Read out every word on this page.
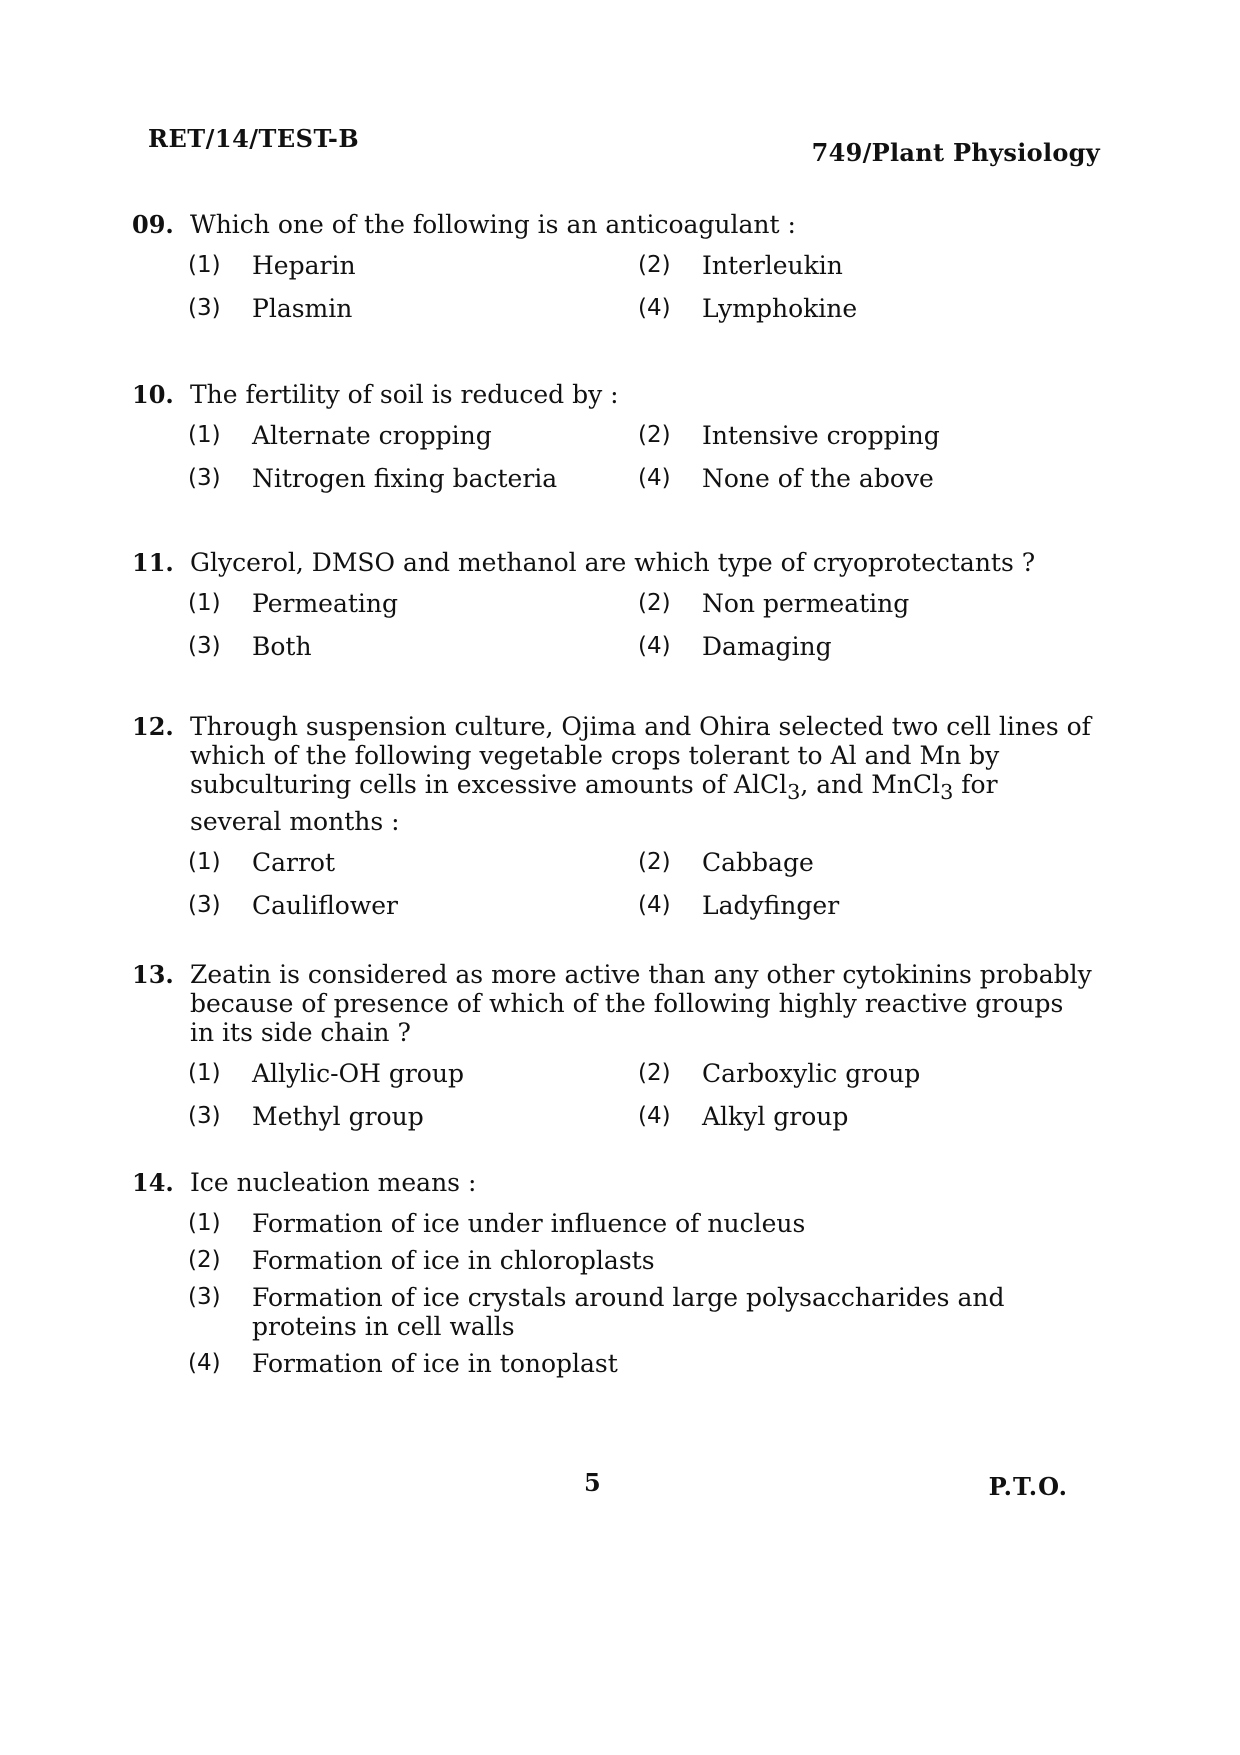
RET/14/TEST-B	749/Plant Physiology
09. Which one of the following is an anticoagulant :
(1)	Heparin	(2)	Interleukin
(3)	Plasmin	(4)	Lymphokine
10. The fertility of soil is reduced by :
(1)	Alternate cropping	(2)	Intensive cropping
(3)	Nitrogen fixing bacteria	(4)	None of the above
11. Glycerol, DMSO and methanol are which type of cryoprotectants ?
(1)	Permeating	(2)	Non permeating
(3)	Both	(4)	Damaging
12. Through suspension culture, Ojima and Ohira selected two cell lines of which of the following vegetable crops tolerant to Al and Mn by subculturing cells in excessive amounts of AlCl$_3$, and MnCl$_3$ for several months :
(1)	Carrot	(2)	Cabbage
(3)	Cauliflower	(4)	Ladyfinger
13. Zeatin is considered as more active than any other cytokinins probably because of presence of which of the following highly reactive groups in its side chain ?
(1)	Allylic-OH group	(2)	Carboxylic group
(3)	Methyl group	(4)	Alkyl group
14. Ice nucleation means :
(1)	Formation of ice under influence of nucleus
(2)	Formation of ice in chloroplasts
(3)	Formation of ice crystals around large polysaccharides and proteins in cell walls
(4)	Formation of ice in tonoplast
5	P.T.O.
